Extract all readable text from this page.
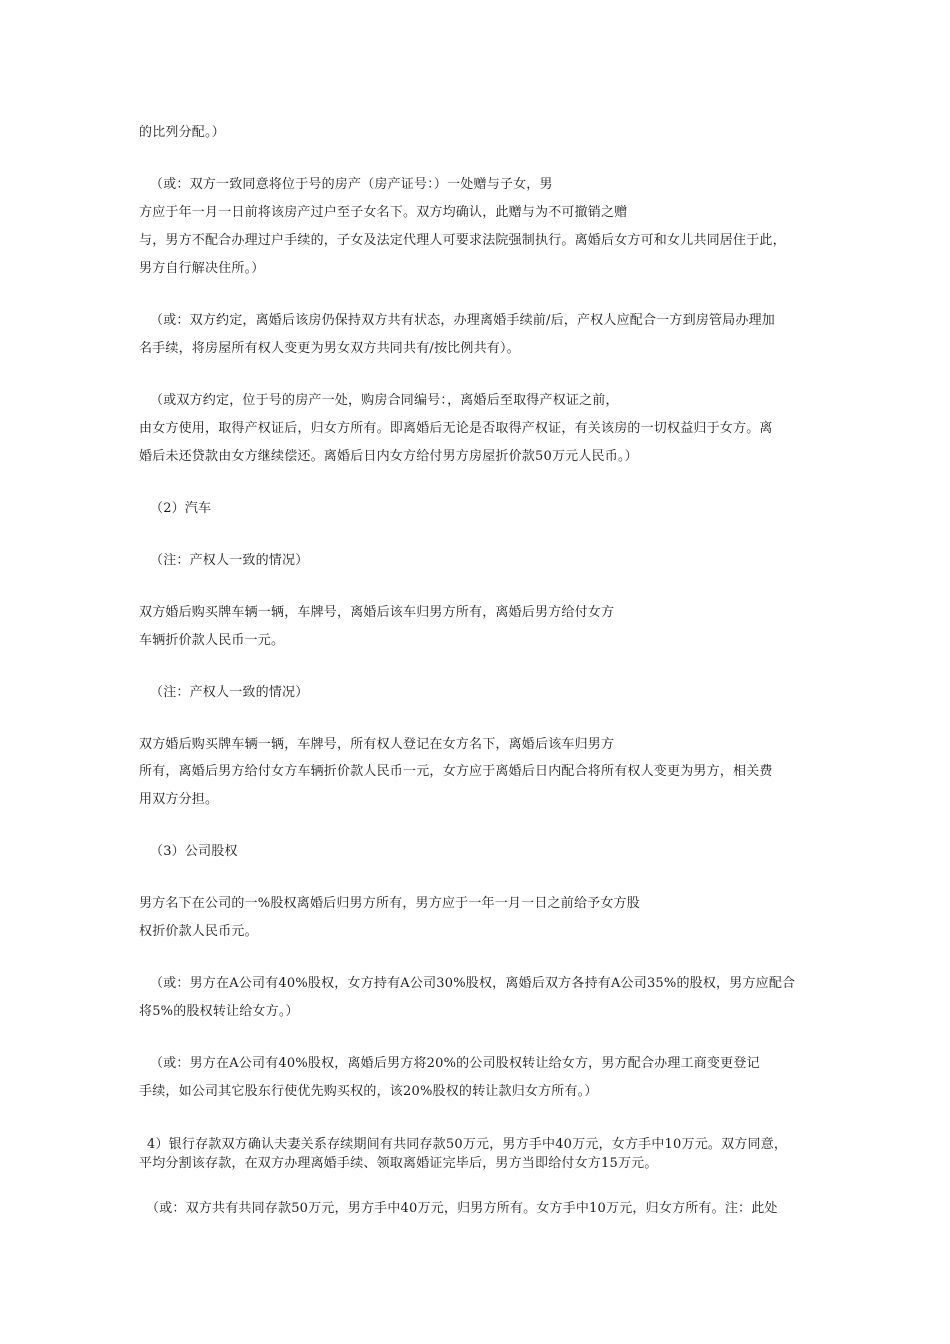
的比列分配。）
（或：双方一致同意将位于号的房产（房产证号：）一处赠与子女，男
方应于年一月一日前将该房产过户至子女名下。双方均确认，此赠与为不可撤销之赠
与，男方不配合办理过户手续的，子女及法定代理人可要求法院强制执行。离婚后女方可和女儿共同居住于此，
男方自行解决住所。）
（或：双方约定，离婚后该房仍保持双方共有状态，办理离婚手续前/后，产权人应配合一方到房管局办理加
名手续，将房屋所有权人变更为男女双方共同共有/按比例共有）。
（或双方约定，位于号的房产一处，购房合同编号：，离婚后至取得产权证之前，
由女方使用，取得产权证后，归女方所有。即离婚后无论是否取得产权证，有关该房的一切权益归于女方。离
婚后未还贷款由女方继续偿还。离婚后日内女方给付男方房屋折价款50万元人民币。）
（2）汽车
（注：产权人一致的情况）
双方婚后购买牌车辆一辆，车牌号，离婚后该车归男方所有，离婚后男方给付女方
车辆折价款人民币一元。
（注：产权人一致的情况）
双方婚后购买牌车辆一辆，车牌号，所有权人登记在女方名下，离婚后该车归男方
所有，离婚后男方给付女方车辆折价款人民币一元，女方应于离婚后日内配合将所有权人变更为男方，相关费
用双方分担。
（3）公司股权
男方名下在公司的一%股权离婚后归男方所有，男方应于一年一月一日之前给予女方股
权折价款人民币元。
（或：男方在A公司有40%股权，女方持有A公司30%股权，离婚后双方各持有A公司35%的股权，男方应配合
将5%的股权转让给女方。）
（或：男方在A公司有40%股权，离婚后男方将20%的公司股权转让给女方，男方配合办理工商变更登记
手续，如公司其它股东行使优先购买权的，该20%股权的转让款归女方所有。）
4）银行存款双方确认夫妻关系存续期间有共同存款50万元，男方手中40万元，女方手中10万元。双方同意，
平均分割该存款，在双方办理离婚手续、领取离婚证完毕后，男方当即给付女方15万元。
（或：双方共有共同存款50万元，男方手中40万元，归男方所有。女方手中10万元，归女方所有。注：此处
